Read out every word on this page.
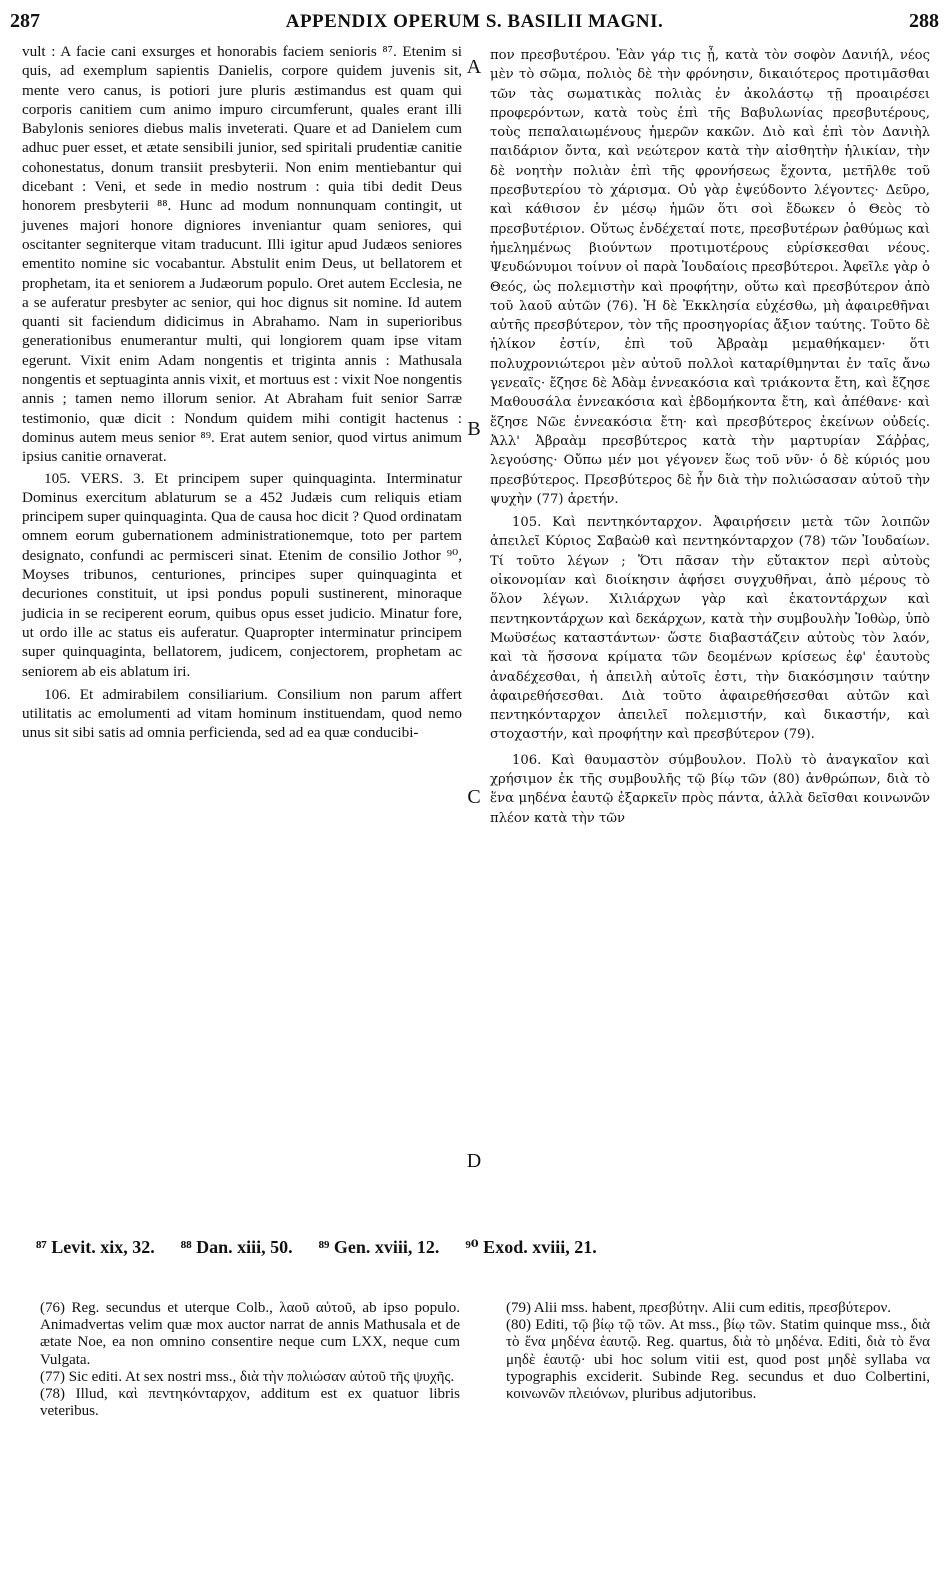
287	APPENDIX OPERUM S. BASILII MAGNI.	288

vult : A facie cani exsurges et honorabis faciem senioris ⁸⁷. Etenim si quis, ad exemplum sapientis Danielis, corpore quidem juvenis sit, mente vero canus, is potiori jure pluris æstimandus est quam qui corporis canitiem cum animo impuro circumferunt, quales erant illi Babylonis seniores diebus malis inveterati. Quare et ad Danielem cum adhuc puer esset, et ætate sensibili junior, sed spiritali prudentiæ canitie cohonestatus, donum transiit presbyterii. Non enim mentiebantur qui dicebant : Veni, et sede in medio nostrum : quia tibi dedit Deus honorem presbyterii ⁸⁸. Hunc ad modum nonnunquam contingit, ut juvenes majori honore digniores inveniantur quam seniores, qui oscitanter segniterque vitam traducunt. Illi igitur apud Judæos seniores ementito nomine sic vocabantur. Abstulit enim Deus, ut bellatorem et prophetam, ita et seniorem a Judæorum populo. Oret autem Ecclesia, ne a se auferatur presbyter ac senior, qui hoc dignus sit nomine. Id autem quanti sit faciendum didicimus in Abrahamo. Nam in superioribus generationibus enumerantur multi, qui longiorem quam ipse vitam egerunt. Vixit enim Adam nongentis et triginta annis : Mathusala nongentis et septuaginta annis vixit, et mortuus est : vixit Noe nongentis annis ; tamen nemo illorum senior. At Abraham fuit senior Sarræ testimonio, quæ dicit : Nondum quidem mihi contigit hactenus : dominus autem meus senior ⁸⁹. Erat autem senior, quod virtus animum ipsius canitie ornaverat.

105. VERS. 3. Et principem super quinquaginta. Interminatur Dominus exercitum ablaturum se a 452 Judæis cum reliquis etiam principem super quinquaginta. Qua de causa hoc dicit ? Quod ordinatam omnem eorum gubernationem administrationemque, toto per partem designato, confundi ac permisceri sinat. Etenim de consilio Jothor ⁹⁰, Moyses tribunos, centuriones, principes super quinquaginta et decuriones constituit, ut ipsi pondus populi sustinerent, minoraque judicia in se reciperent eorum, quibus opus esset judicio. Minatur fore, ut ordo ille ac status eis auferatur. Quapropter interminatur principem super quinquaginta, bellatorem, judicem, conjectorem, prophetam ac seniorem ab eis ablatum iri.

106. Et admirabilem consiliarium. Consilium non parum affert utilitatis ac emolumenti ad vitam hominum instituendam, quod nemo unus sit sibi satis ad omnia perficienda, sed ad ea quæ conducibi-

πον πρεσβυτέρου. Ἐὰν γάρ τις ᾖ, κατὰ τὸν σοφὸν Δανιήλ, νέος μὲν τὸ σῶμα, πολιὸς δὲ τὴν φρόνησιν, δικαιότερος προτιμᾶσθαι τῶν τὰς σωματικὰς πολιὰς ἐν ἀκολάστῳ τῇ προαιρέσει προφερόντων, κατὰ τοὺς ἐπὶ τῆς Βαβυλωνίας πρεσβυτέρους, τοὺς πεπαλαιωμένους ἡμερῶν κακῶν. Διὸ καὶ ἐπὶ τὸν Δανιὴλ παιδάριον ὄντα, καὶ νεώτερον κατὰ τὴν αἰσθητὴν ἡλικίαν, τὴν δὲ νοητὴν πολιὰν ἐπὶ τῆς φρονήσεως ἔχοντα, μετῆλθε τοῦ πρεσβυτερίου τὸ χάρισμα. Οὐ γὰρ ἐψεύδοντο λέγοντες· Δεῦρο, καὶ κάθισον ἐν μέσῳ ἡμῶν ὅτι σοὶ ἔδωκεν ὁ Θεὸς τὸ πρεσβυτέριον. Οὕτως ἐνδέχεταί ποτε, πρεσβυτέρων ῥαθύμως καὶ ἠμελημένως βιούντων προτιμοτέρους εὑρίσκεσθαι νέους. Ψευδώνυμοι τοίνυν οἱ παρὰ Ἰουδαίοις πρεσβύτεροι. Ἀφεῖλε γὰρ ὁ Θεός, ὡς πολεμιστὴν καὶ προφήτην, οὕτω καὶ πρεσβύτερον ἀπὸ τοῦ λαοῦ αὐτῶν (76). Ἡ δὲ Ἐκκλησία εὐχέσθω, μὴ ἀφαιρεθῆναι αὐτῆς πρεσβύτερον, τὸν τῆς προσηγορίας ἄξιον ταύτης. Τοῦτο δὲ ἡλίκον ἐστίν, ἐπὶ τοῦ Ἀβραὰμ μεμαθήκαμεν· ὅτι πολυχρονιώτεροι μὲν αὐτοῦ πολλοὶ καταρίθμηνται ἐν ταῖς ἄνω γενεαῖς· ἔζησε δὲ Ἀδὰμ ἐννεακόσια καὶ τριάκοντα ἔτη, καὶ ἔζησε Μαθουσάλα ἐννεακόσια καὶ ἑβδομήκοντα ἔτη, καὶ ἀπέθανε· καὶ ἔζησε Νῶε ἐννεακόσια ἔτη· καὶ πρεσβύτερος ἐκείνων οὐδείς. Ἀλλ' Ἀβραὰμ πρεσβύτερος κατὰ τὴν μαρτυρίαν Σάῤῥας, λεγούσης· Οὔπω μέν μοι γέγονεν ἕως τοῦ νῦν· ὁ δὲ κύριός μου πρεσβύτερος. Πρεσβύτερος δὲ ἦν διὰ τὴν πολιώσασαν αὐτοῦ τὴν ψυχὴν (77) ἀρετήν.

105. Καὶ πεντηκόνταρχον. Ἀφαιρήσειν μετὰ τῶν λοιπῶν ἀπειλεῖ Κύριος Σαβαὼθ καὶ πεντηκόνταρχον (78) τῶν Ἰουδαίων. Τί τοῦτο λέγων ; Ὅτι πᾶσαν τὴν εὔτακτον περὶ αὐτοὺς οἰκονομίαν καὶ διοίκησιν ἀφήσει συγχυθῆναι, ἀπὸ μέρους τὸ ὅλον λέγων. Χιλιάρχων γὰρ καὶ ἑκατοντάρχων καὶ πεντηκοντάρχων καὶ δεκάρχων, κατὰ τὴν συμβουλὴν Ἰοθὼρ, ὑπὸ Μωϋσέως καταστάντων· ὥστε διαβαστάζειν αὐτοὺς τὸν λαόν, καὶ τὰ ἥσσονα κρίματα τῶν δεομένων κρίσεως ἐφ' ἑαυτοὺς ἀναδέχεσθαι, ἡ ἀπειλὴ αὐτοῖς ἐστι, τὴν διακόσμησιν ταύτην ἀφαιρεθήσεσθαι. Διὰ τοῦτο ἀφαιρεθήσεσθαι αὐτῶν καὶ πεντηκόνταρχον ἀπειλεῖ πολεμιστήν, καὶ δικαστήν, καὶ στοχαστήν, καὶ προφήτην καὶ πρεσβύτερον (79).

106. Καὶ θαυμαστὸν σύμβουλον. Πολὺ τὸ ἀναγκαῖον καὶ χρήσιμον ἐκ τῆς συμβουλῆς τῷ βίῳ τῶν (80) ἀνθρώπων, διὰ τὸ ἕνα μηδένα ἑαυτῷ ἐξαρκεῖν πρὸς πάντα, ἀλλὰ δεῖσθαι κοινωνῶν πλέον κατὰ τὴν τῶν

A
B
C
D
⁸⁷ Levit. xix, 32. ⁸⁸ Dan. xiii, 50. ⁸⁹ Gen. xviii, 12. ⁹⁰ Exod. xviii, 21.

(76) Reg. secundus et uterque Colb., λαοῦ αὐτοῦ, ab ipso populo. Animadvertas velim quæ mox auctor narrat de annis Mathusala et de ætate Noe, ea non omnino consentire neque cum LXX, neque cum Vulgata.

(77) Sic editi. At sex nostri mss., διὰ τὴν πολιώσαν αὐτοῦ τῆς ψυχῆς.

(78) Illud, καὶ πεντηκόνταρχον, additum est ex quatuor libris veteribus.

(79) Alii mss. habent, πρεσβύτην. Alii cum editis, πρεσβύτερον.

(80) Editi, τῷ βίῳ τῷ τῶν. At mss., βίῳ τῶν. Statim quinque mss., διὰ τὸ ἕνα μηδένα ἑαυτῷ. Reg. quartus, διὰ τὸ μηδένα. Editi, διὰ τὸ ἕνα μηδὲ ἑαυτῷ· ubi hoc solum vitii est, quod post μηδὲ syllaba να typographis exciderit. Subinde Reg. secundus et duo Colbertini, κοινωνῶν πλειόνων, pluribus adjutoribus.
